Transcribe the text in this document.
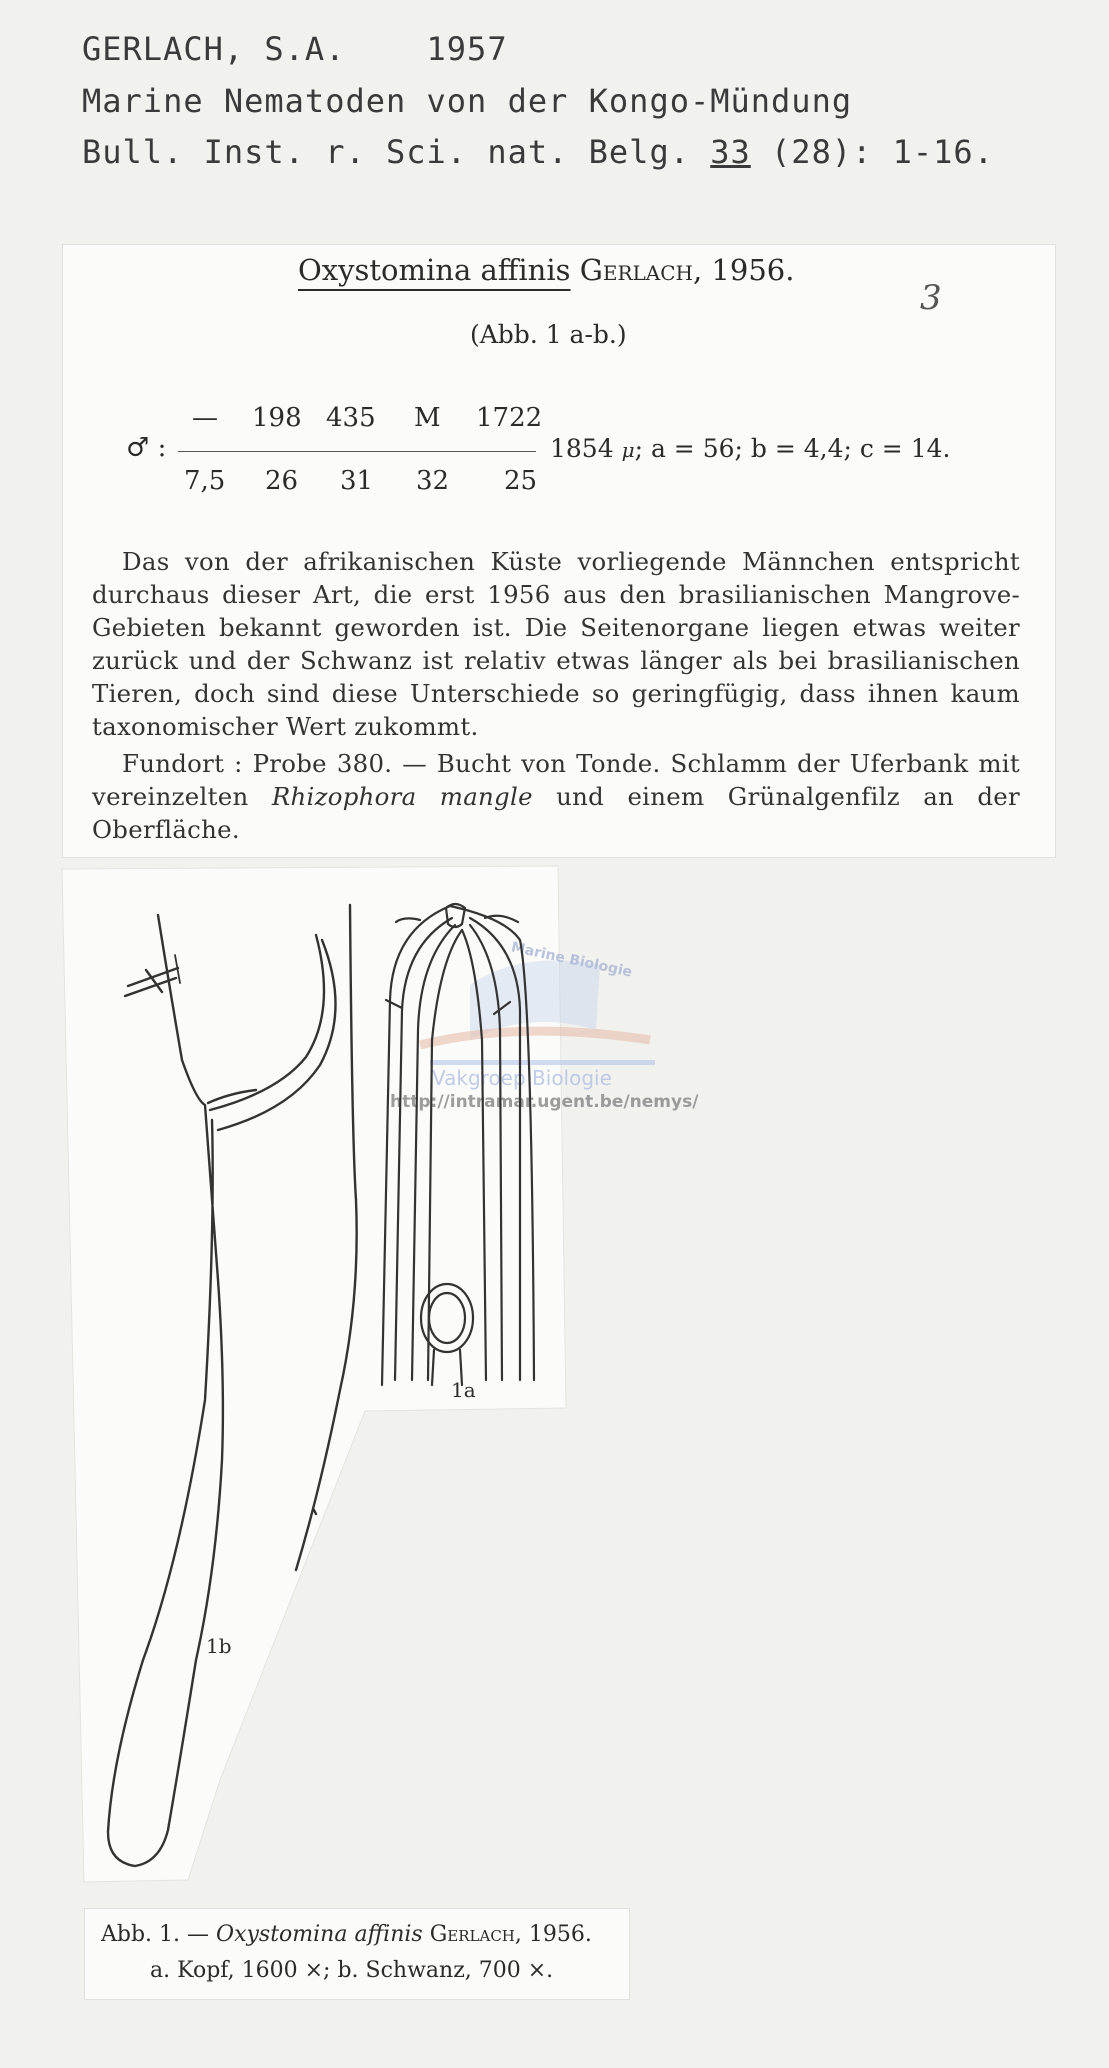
GERLACH, S.A.	1957
Marine Nematoden von der Kongo-Mündung
Bull. Inst. r. Sci. nat. Belg. 33 (28): 1-16.
Oxystomina affinis Gerlach, 1956.
3
(Abb. 1 a-b.)
♂ :
— 198 435 M 1722
7,5 26 31 32 25
1854 μ; a = 56; b = 4,4; c = 14.
Das von der afrikanischen Küste vorliegende Männchen entspricht durchaus dieser Art, die erst 1956 aus den brasilianischen Mangrove-Gebieten bekannt geworden ist. Die Seitenorgane liegen etwas weiter zurück und der Schwanz ist relativ etwas länger als bei brasilianischen Tieren, doch sind diese Unterschiede so geringfügig, dass ihnen kaum taxonomischer Wert zukommt.
Fundort : Probe 380. — Bucht von Tonde. Schlamm der Uferbank mit vereinzelten Rhizophora mangle und einem Grünalgenfilz an der Oberfläche.
Marine Biologie
Vakgroep Biologie
http://intramar.ugent.be/nemys/
1a
1b
Abb. 1. — Oxystomina affinis Gerlach, 1956.
a. Kopf, 1600 ×; b. Schwanz, 700 ×.
